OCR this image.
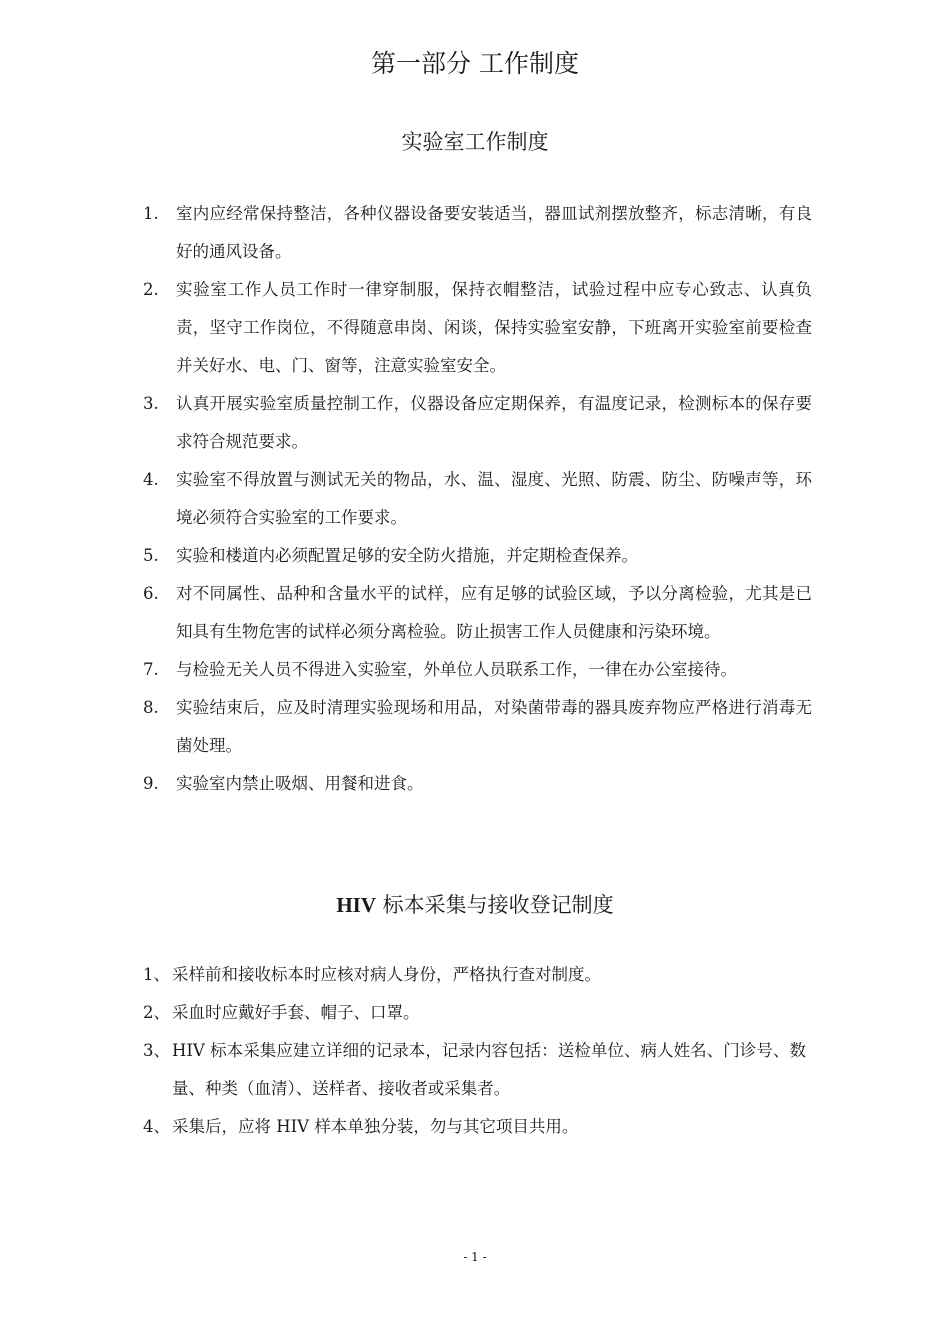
第一部分 工作制度
实验室工作制度
1. 室内应经常保持整洁，各种仪器设备要安装适当，器皿试剂摆放整齐，标志清晰，有良好的通风设备。
2. 实验室工作人员工作时一律穿制服，保持衣帽整洁，试验过程中应专心致志、认真负责，坚守工作岗位，不得随意串岗、闲谈，保持实验室安静，下班离开实验室前要检查并关好水、电、门、窗等，注意实验室安全。
3. 认真开展实验室质量控制工作，仪器设备应定期保养，有温度记录，检测标本的保存要求符合规范要求。
4. 实验室不得放置与测试无关的物品，水、温、湿度、光照、防震、防尘、防噪声等，环境必须符合实验室的工作要求。
5. 实验和楼道内必须配置足够的安全防火措施，并定期检查保养。
6. 对不同属性、品种和含量水平的试样，应有足够的试验区域，予以分离检验，尤其是已知具有生物危害的试样必须分离检验。防止损害工作人员健康和污染环境。
7. 与检验无关人员不得进入实验室，外单位人员联系工作，一律在办公室接待。
8. 实验结束后，应及时清理实验现场和用品，对染菌带毒的器具废弃物应严格进行消毒无菌处理。
9. 实验室内禁止吸烟、用餐和进食。
HIV 标本采集与接收登记制度
1、 采样前和接收标本时应核对病人身份，严格执行查对制度。
2、 采血时应戴好手套、帽子、口罩。
3、 HIV 标本采集应建立详细的记录本，记录内容包括：送检单位、病人姓名、门诊号、数量、种类（血清）、送样者、接收者或采集者。
4、 采集后，应将 HIV 样本单独分装，勿与其它项目共用。
- 1 -
